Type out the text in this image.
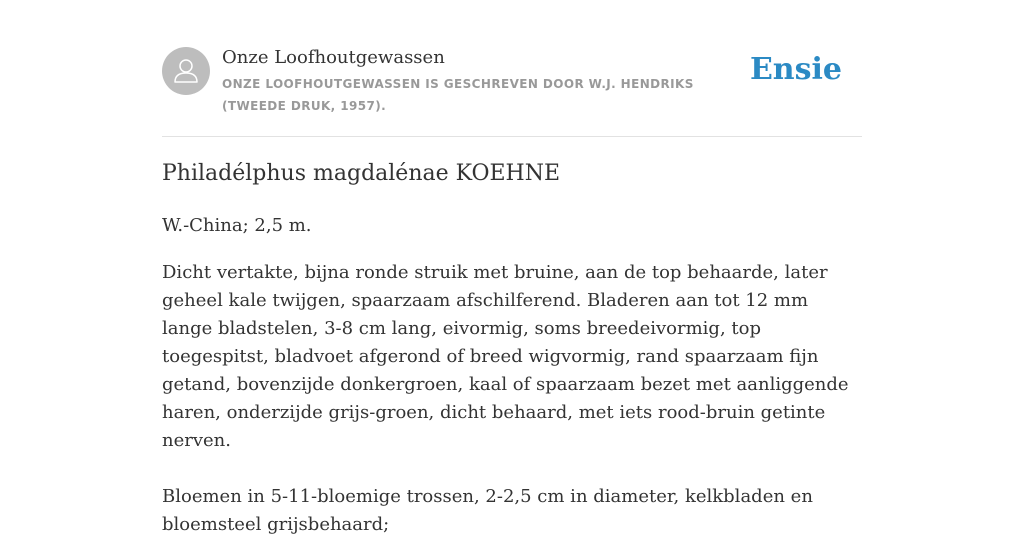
Onze Loofhoutgewassen
ONZE LOOFHOUTGEWASSEN IS GESCHREVEN DOOR W.J. HENDRIKS (TWEEDE DRUK, 1957).
Ensie
Philadélphus magdalénae KOEHNE

W.-China; 2,5 m.

Dicht vertakte, bijna ronde struik met bruine, aan de top behaarde, later geheel kale twijgen, spaarzaam afschilferend. Bladeren aan tot 12 mm lange bladstelen, 3-8 cm lang, eivormig, soms breedeivormig, top toegespitst, bladvoet afgerond of breed wigvormig, rand spaarzaam fijn getand, bovenzijde donkergroen, kaal of spaarzaam bezet met aanliggende haren, onderzijde grijs-groen, dicht behaard, met iets rood-bruin getinte nerven.

Bloemen in 5-11-bloemige trossen, 2-2,5 cm in diameter, kelkbladen en bloemsteel grijsbehaard;
